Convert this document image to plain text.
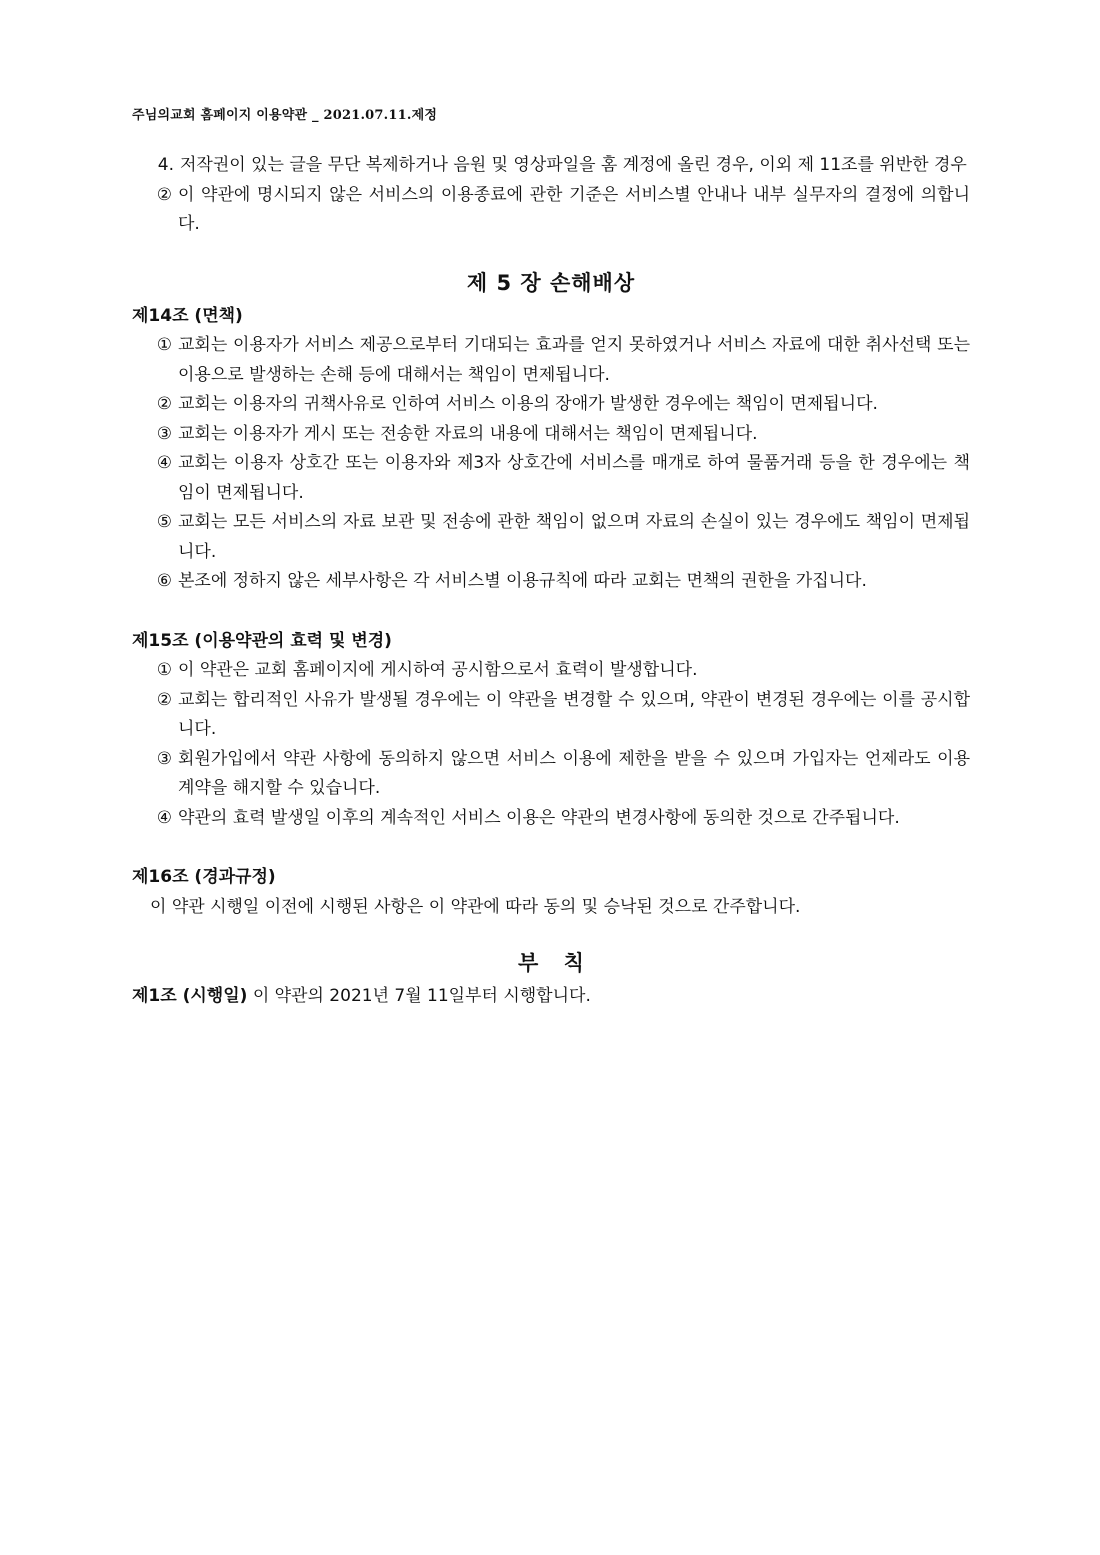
주님의교회 홈페이지 이용약관 _ 2021.07.11.제정
4. 저작권이 있는 글을 무단 복제하거나 음원 및 영상파일을 홈 계정에 올린 경우, 이외 제 11조를 위반한 경우
② 이 약관에 명시되지 않은 서비스의 이용종료에 관한 기준은 서비스별 안내나 내부 실무자의 결정에 의합니다.
제 5 장 손해배상
제14조 (면책)
① 교회는 이용자가 서비스 제공으로부터 기대되는 효과를 얻지 못하였거나 서비스 자료에 대한 취사선택 또는 이용으로 발생하는 손해 등에 대해서는 책임이 면제됩니다.
② 교회는 이용자의 귀책사유로 인하여 서비스 이용의 장애가 발생한 경우에는 책임이 면제됩니다.
③ 교회는 이용자가 게시 또는 전송한 자료의 내용에 대해서는 책임이 면제됩니다.
④ 교회는 이용자 상호간 또는 이용자와 제3자 상호간에 서비스를 매개로 하여 물품거래 등을 한 경우에는 책임이 면제됩니다.
⑤ 교회는 모든 서비스의 자료 보관 및 전송에 관한 책임이 없으며 자료의 손실이 있는 경우에도 책임이 면제됩니다.
⑥ 본조에 정하지 않은 세부사항은 각 서비스별 이용규칙에 따라 교회는 면책의 권한을 가집니다.
제15조 (이용약관의 효력 및 변경)
① 이 약관은 교회 홈페이지에 게시하여 공시함으로서 효력이 발생합니다.
② 교회는 합리적인 사유가 발생될 경우에는 이 약관을 변경할 수 있으며, 약관이 변경된 경우에는 이를 공시합니다.
③ 회원가입에서 약관 사항에 동의하지 않으면 서비스 이용에 제한을 받을 수 있으며 가입자는 언제라도 이용계약을 해지할 수 있습니다.
④ 약관의 효력 발생일 이후의 계속적인 서비스 이용은 약관의 변경사항에 동의한 것으로 간주됩니다.
제16조 (경과규정)
이 약관 시행일 이전에 시행된 사항은 이 약관에 따라 동의 및 승낙된 것으로 간주합니다.
부 칙
제1조 (시행일) 이 약관의 2021년 7월 11일부터 시행합니다.
